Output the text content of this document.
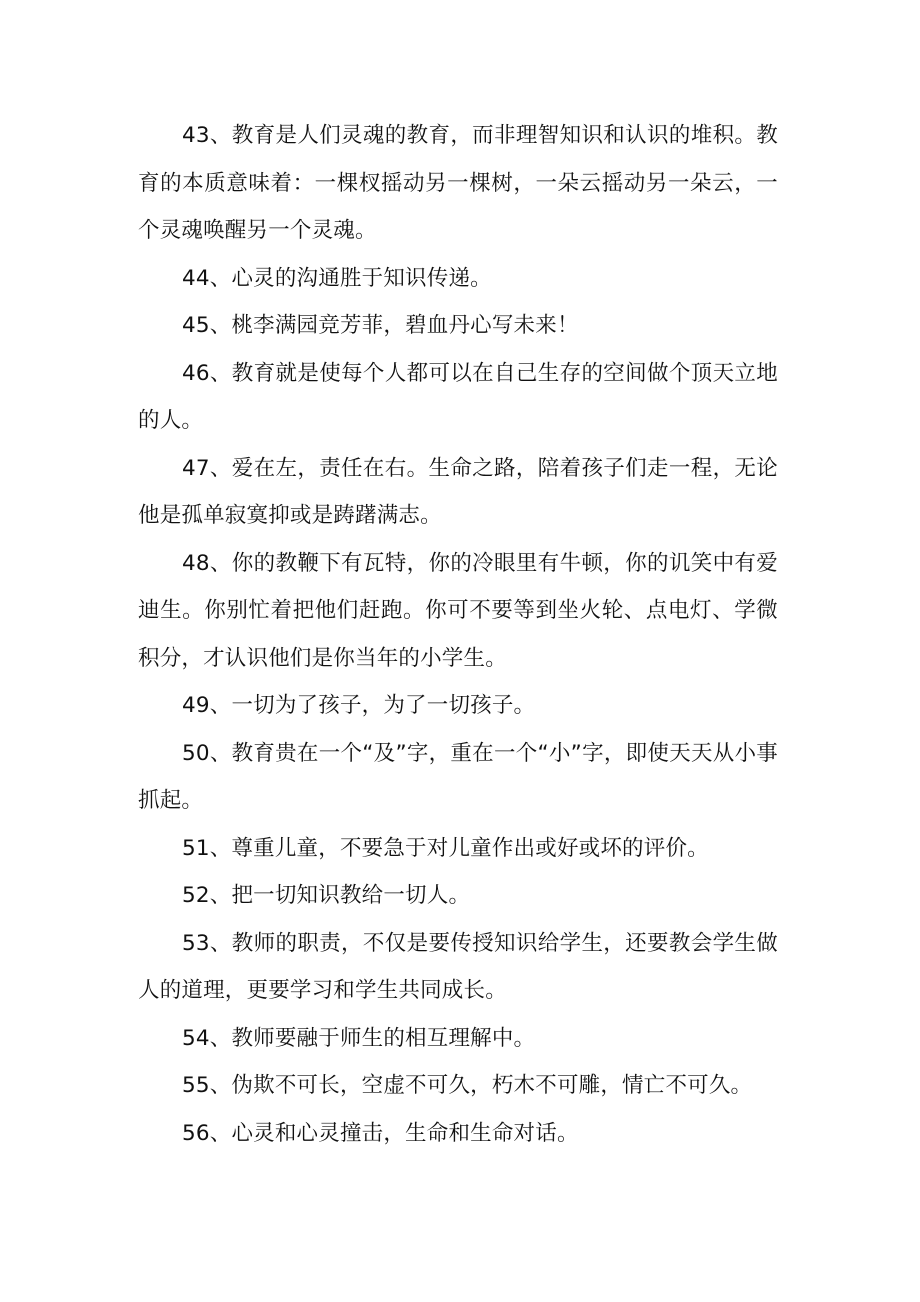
43、教育是人们灵魂的教育，而非理智知识和认识的堆积。教育的本质意味着：一棵杈摇动另一棵树，一朵云摇动另一朵云，一个灵魂唤醒另一个灵魂。

44、心灵的沟通胜于知识传递。

45、桃李满园竞芳菲，碧血丹心写未来！

46、教育就是使每个人都可以在自己生存的空间做个顶天立地的人。

47、爱在左，责任在右。生命之路，陪着孩子们走一程，无论他是孤单寂寞抑或是踌躇满志。

48、你的教鞭下有瓦特，你的冷眼里有牛顿，你的讥笑中有爱迪生。你别忙着把他们赶跑。你可不要等到坐火轮、点电灯、学微积分，才认识他们是你当年的小学生。

49、一切为了孩子，为了一切孩子。

50、教育贵在一个“及”字，重在一个“小”字，即使天天从小事抓起。

51、尊重儿童，不要急于对儿童作出或好或坏的评价。

52、把一切知识教给一切人。

53、教师的职责，不仅是要传授知识给学生，还要教会学生做人的道理，更要学习和学生共同成长。

54、教师要融于师生的相互理解中。

55、伪欺不可长，空虚不可久，朽木不可雕，情亡不可久。

56、心灵和心灵撞击，生命和生命对话。
